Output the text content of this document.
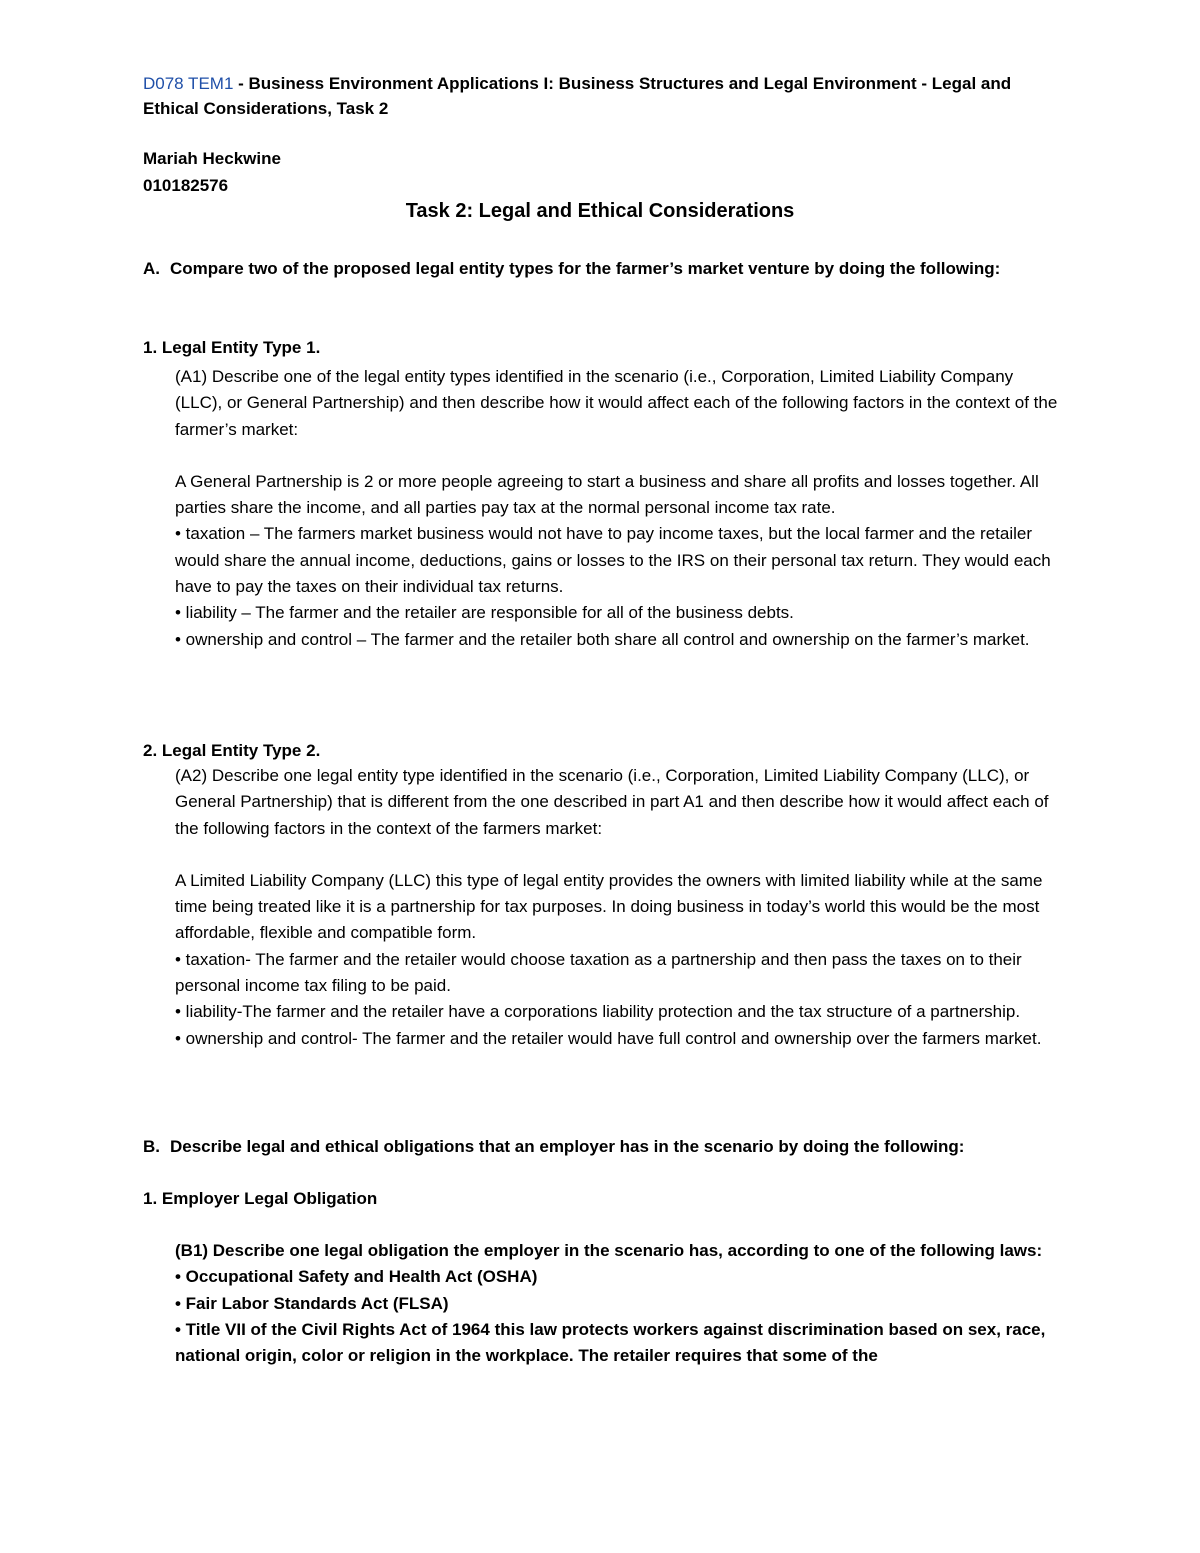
D078 TEM1 - Business Environment Applications I: Business Structures and Legal Environment - Legal and Ethical Considerations, Task 2
Mariah Heckwine
010182576
Task 2: Legal and Ethical Considerations
A. Compare two of the proposed legal entity types for the farmer’s market venture by doing the following:
1. Legal Entity Type 1.

(A1) Describe one of the legal entity types identified in the scenario (i.e., Corporation, Limited Liability Company (LLC), or General Partnership) and then describe how it would affect each of the following factors in the context of the farmer’s market:

A General Partnership is 2 or more people agreeing to start a business and share all profits and losses together. All parties share the income, and all parties pay tax at the normal personal income tax rate.

• taxation – The farmers market business would not have to pay income taxes, but the local farmer and the retailer would share the annual income, deductions, gains or losses to the IRS on their personal tax return. They would each have to pay the taxes on their individual tax returns.

• liability – The farmer and the retailer are responsible for all of the business debts.

• ownership and control – The farmer and the retailer both share all control and ownership on the farmer’s market.

2. Legal Entity Type 2.

(A2) Describe one legal entity type identified in the scenario (i.e., Corporation, Limited Liability Company (LLC), or General Partnership) that is different from the one described in part A1 and then describe how it would affect each of the following factors in the context of the farmers market:

A Limited Liability Company (LLC) this type of legal entity provides the owners with limited liability while at the same time being treated like it is a partnership for tax purposes. In doing business in today’s world this would be the most affordable, flexible and compatible form.

• taxation- The farmer and the retailer would choose taxation as a partnership and then pass the taxes on to their personal income tax filing to be paid.

• liability-The farmer and the retailer have a corporations liability protection and the tax structure of a partnership.

• ownership and control- The farmer and the retailer would have full control and ownership over the farmers market.

B. Describe legal and ethical obligations that an employer has in the scenario by doing the following:
1. Employer Legal Obligation

(B1) Describe one legal obligation the employer in the scenario has, according to one of the following laws:

• Occupational Safety and Health Act (OSHA)

• Fair Labor Standards Act (FLSA)

• Title VII of the Civil Rights Act of 1964 this law protects workers against discrimination based on sex, race, national origin, color or religion in the workplace. The retailer requires that some of the
